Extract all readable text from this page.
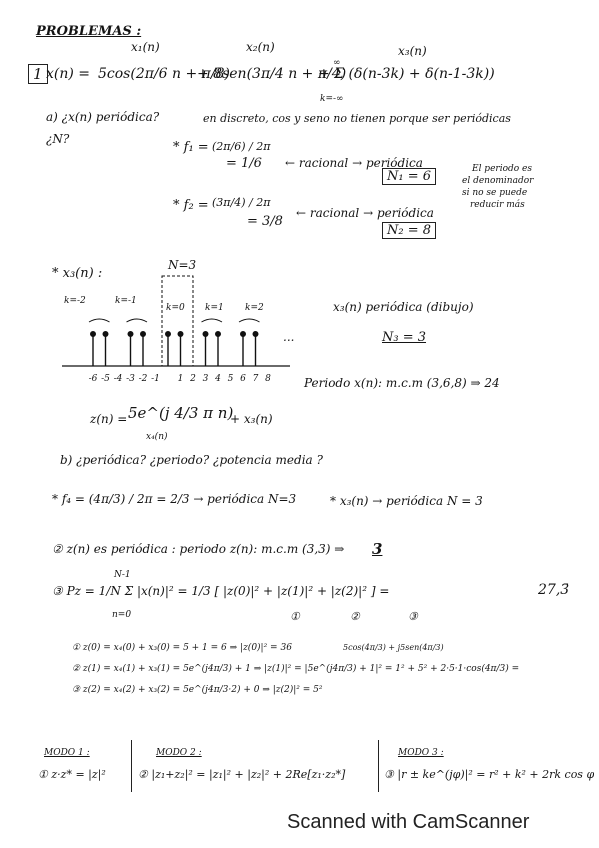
PROBLEMAS :
1
x₁(n)	x₂(n)	x₃(n)
∞
x(n) = 5cos(2π/6 n + π/8)
+ 8sen(3π/4 n + π/4)
+ Σ (δ(n-3k) + δ(n-1-3k))
k=-∞
a) ¿x(n) periódica?
¿N?
en discreto, cos y seno no tienen porque ser periódicas
* f₁ = (2π/6) / 2π
= 1/6 ← racional → periódica
N₁ = 6	El periodo es
el denominador
si no se puede
reducir más
* f₂ = (3π/4) / 2π
= 3/8
← racional → periódica
N₂ = 8
* x₃(n) :
N=3
k=-2	k=-1
k=0 k=1 k=2
-6 -5 -4 -3 -2 -1 1 2 3 4 5 6 7 8
...
x₃(n) periódica (dibujo)
N₃ = 3
Periodo x(n): m.c.m (3,6,8) ⇒ 24
z(n) = 5e^(j 4/3 π n)
+ x₃(n)
x₄(n)
b) ¿periódica? ¿periodo? ¿potencia media ?
* f₄ = (4π/3) / 2π = 2/3 → periódica N=3	* x₃(n) → periódica N = 3
② z(n) es periódica : periodo z(n): m.c.m (3,3) ⇒ 3
N-1
③ Pz = 1/N Σ |x(n)|² = 1/3 [ |z(0)|² + |z(1)|² + |z(2)|² ] =
n=0
27,3̄
①	②	③
① z(0) = x₄(0) + x₃(0) = 5 + 1 = 6 ⇒ |z(0)|² = 36	5cos(4π/3) + j5sen(4π/3)
② z(1) = x₄(1) + x₃(1) = 5e^(j4π/3) + 1 ⇒ |z(1)|² = |5e^(j4π/3) + 1|² = 1² + 5² + 2·5·1·cos(4π/3) =
③ z(2) = x₄(2) + x₃(2) = 5e^(j4π/3·2) + 0 ⇒ |z(2)|² = 5²
MODO 1 :
① z·z* = |z|²
MODO 2 :
② |z₁+z₂|² = |z₁|² + |z₂|² + 2Re[z₁·z₂*]
MODO 3 :
③ |r ± ke^(jφ)|² = r² + k² + 2rk cos φ
Scanned with CamScanner
